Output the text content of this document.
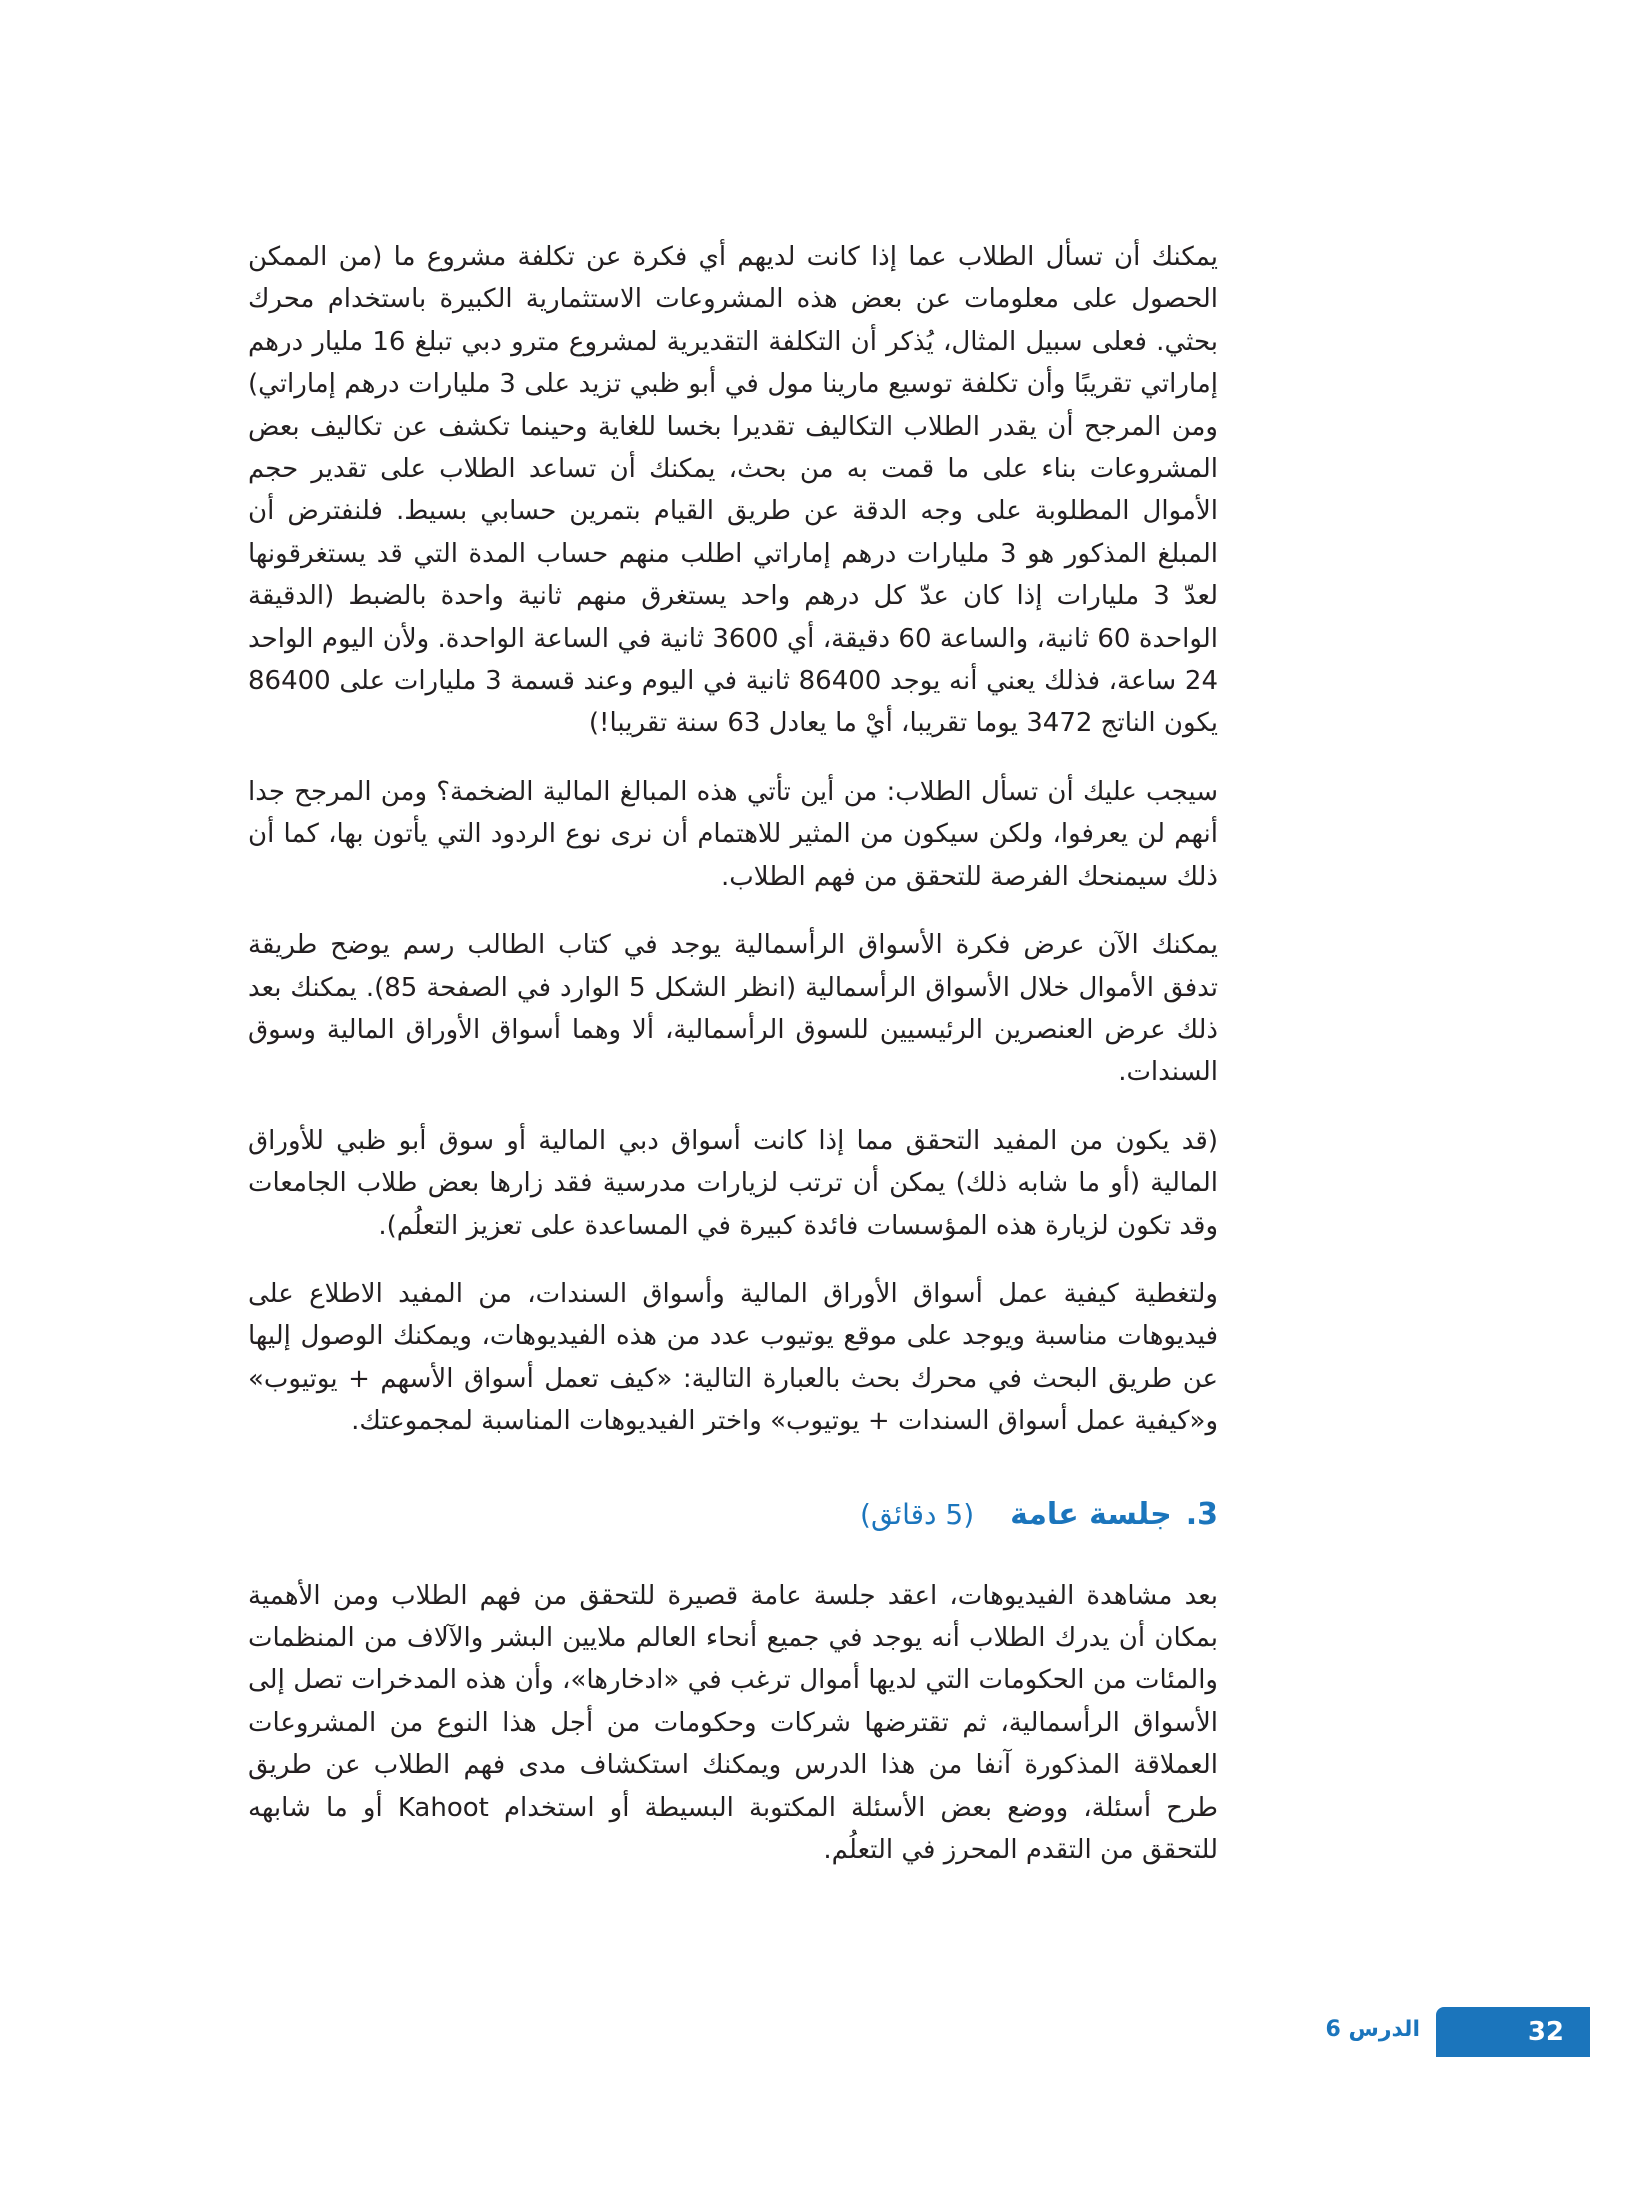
يمكنك أن تسأل الطلاب عما إذا كانت لديهم أي فكرة عن تكلفة مشروع ما (من الممكن الحصول على معلومات عن بعض هذه المشروعات الاستثمارية الكبيرة باستخدام محرك بحثي. فعلى سبيل المثال، يُذكر أن التكلفة التقديرية لمشروع مترو دبي تبلغ 16 مليار درهم إماراتي تقريبًا وأن تكلفة توسيع مارينا مول في أبو ظبي تزيد على 3 مليارات درهم إماراتي) ومن المرجح أن يقدر الطلاب التكاليف تقديرا بخسا للغاية وحينما تكشف عن تكاليف بعض المشروعات بناء على ما قمت به من بحث، يمكنك أن تساعد الطلاب على تقدير حجم الأموال المطلوبة على وجه الدقة عن طريق القيام بتمرين حسابي بسيط. فلنفترض أن المبلغ المذكور هو 3 مليارات درهم إماراتي اطلب منهم حساب المدة التي قد يستغرقونها لعدّ 3 مليارات إذا كان عدّ كل درهم واحد يستغرق منهم ثانية واحدة بالضبط (الدقيقة الواحدة 60 ثانية، والساعة 60 دقيقة، أي 3600 ثانية في الساعة الواحدة. ولأن اليوم الواحد 24 ساعة، فذلك يعني أنه يوجد 86400 ثانية في اليوم وعند قسمة 3 مليارات على 86400 يكون الناتج 3472 يوما تقريبا، أيْ ما يعادل 63 سنة تقريبا!)

سيجب عليك أن تسأل الطلاب: من أين تأتي هذه المبالغ المالية الضخمة؟ ومن المرجح جدا أنهم لن يعرفوا، ولكن سيكون من المثير للاهتمام أن نرى نوع الردود التي يأتون بها، كما أن ذلك سيمنحك الفرصة للتحقق من فهم الطلاب.

يمكنك الآن عرض فكرة الأسواق الرأسمالية يوجد في كتاب الطالب رسم يوضح طريقة تدفق الأموال خلال الأسواق الرأسمالية (انظر الشكل 5 الوارد في الصفحة 85). يمكنك بعد ذلك عرض العنصرين الرئيسيين للسوق الرأسمالية، ألا وهما أسواق الأوراق المالية وسوق السندات.

(قد يكون من المفيد التحقق مما إذا كانت أسواق دبي المالية أو سوق أبو ظبي للأوراق المالية (أو ما شابه ذلك) يمكن أن ترتب لزيارات مدرسية فقد زارها بعض طلاب الجامعات وقد تكون لزيارة هذه المؤسسات فائدة كبيرة في المساعدة على تعزيز التعلُم).

ولتغطية كيفية عمل أسواق الأوراق المالية وأسواق السندات، من المفيد الاطلاع على فيديوهات مناسبة ويوجد على موقع يوتيوب عدد من هذه الفيديوهات، ويمكنك الوصول إليها عن طريق البحث في محرك بحث بالعبارة التالية: «كيف تعمل أسواق الأسهم + يوتيوب» و«كيفية عمل أسواق السندات + يوتيوب» واختر الفيديوهات المناسبة لمجموعتك.

3.جلسة عامة(5 دقائق)

بعد مشاهدة الفيديوهات، اعقد جلسة عامة قصيرة للتحقق من فهم الطلاب ومن الأهمية بمكان أن يدرك الطلاب أنه يوجد في جميع أنحاء العالم ملايين البشر والآلاف من المنظمات والمئات من الحكومات التي لديها أموال ترغب في «ادخارها»، وأن هذه المدخرات تصل إلى الأسواق الرأسمالية، ثم تقترضها شركات وحكومات من أجل هذا النوع من المشروعات العملاقة المذكورة آنفا من هذا الدرس ويمكنك استكشاف مدى فهم الطلاب عن طريق طرح أسئلة، ووضع بعض الأسئلة المكتوبة البسيطة أو استخدام Kahoot أو ما شابهه للتحقق من التقدم المحرز في التعلُم.

32
الدرس 6
